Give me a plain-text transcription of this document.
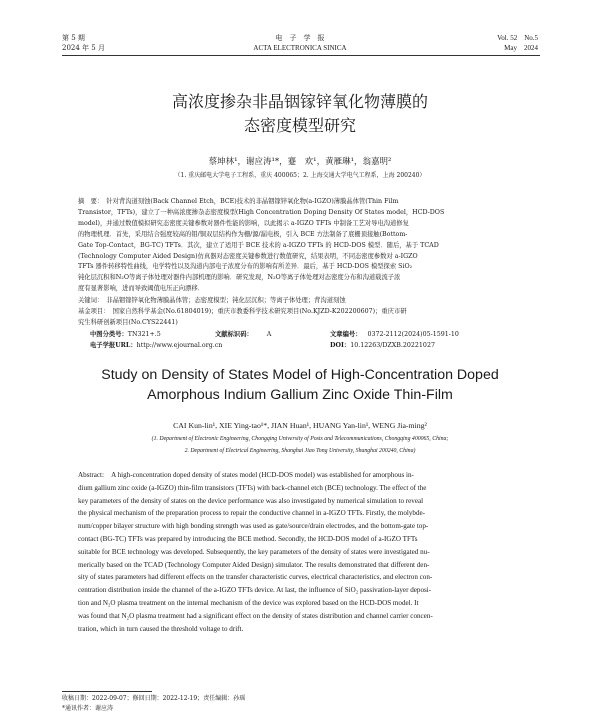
第 5 期
2024 年 5 月
电　子　学　报
ACTA ELECTRONICA SINICA
Vol. 52　No.5
May　2024
高浓度掺杂非晶铟镓锌氧化物薄膜的
态密度模型研究
蔡坤林¹，谢应涛¹*，蹇　欢¹，黄雁琳¹，翁嘉明²
（1. 重庆邮电大学电子工程系，重庆 400065；2. 上海交通大学电气工程系，上海 200240）
摘　要：　针对背沟道刻蚀(Back Channel Etch，BCE)技术的非晶铟镓锌氧化物(a-IGZO)薄膜晶体管(Thin Film
Transistor，TFTs)，建立了一种高浓度掺杂态密度模型(High Concentration Doping Density Of States model，HCD-DOS
model)，并通过数值模拟研究态密度关键参数对器件性能的影响，以此揭示 a-IGZO TFTs 中制备工艺对导电沟道修复
的物理机理．首先，采用结合强度较高的钼/铜双层结构作为栅/源/漏电极，引入 BCE 方法制备了底栅顶接触(Bottom-
Gate Top-Contact，BG-TC) TFTs．其次，建立了适用于 BCE 技术的 a-IGZO TFTs 的 HCD-DOS 模型．随后，基于 TCAD
(Technology Computer Aided Design)仿真器对态密度关键参数进行数值研究，结果表明，不同态密度参数对 a-IGZO
TFTs 器件转移特性曲线，电学特性以及沟道内部电子浓度分布的影响有所差异．最后，基于 HCD-DOS 模型探索 SiO₂
钝化层沉积和N₂O等离子体处理对器件内部机理的影响．研究发现，N₂O等离子体处理对态密度分布和沟道载流子浓
度有显著影响，进而导致阈值电压正向漂移．
关键词：　非晶铟镓锌氧化物薄膜晶体管；态密度模型；钝化层沉积；等离子体处理；背沟道刻蚀
基金项目：　国家自然科学基金(No.61804019)；重庆市教委科学技术研究项目(No.KJZD-K202200607)；重庆市研
究生科研创新项目(No.CYS22441)
中图分类号：TN321+.5	文献标识码： A	文章编号： 0372-2112(2024)05-1591-10
电子学报URL：http://www.ejournal.org.cn	DOI：10.12263/DZXB.20221027
Study on Density of States Model of High-Concentration Doped
Amorphous Indium Gallium Zinc Oxide Thin-Film
CAI Kun-lin¹, XIE Ying-tao¹*, JIAN Huan¹, HUANG Yan-lin¹, WENG Jia-ming²
(1. Department of Electronic Engineering, Chongqing University of Posts and Telecommunications, Chongqing 400065, China;
2. Department of Electrical Engineering, Shanghai Jiao Tong University, Shanghai 200240, China)
Abstract:　A high-concentration doped density of states model (HCD-DOS model) was established for amorphous in-
dium gallium zinc oxide (a-IGZO) thin-film transistors (TFTs) with back-channel etch (BCE) technology. The effect of the
key parameters of the density of states on the device performance was also investigated by numerical simulation to reveal
the physical mechanism of the preparation process to repair the conductive channel in a-IGZO TFTs. Firstly, the molybde-
num/copper bilayer structure with high bonding strength was used as gate/source/drain electrodes, and the bottom-gate top-
contact (BG-TC) TFTs was prepared by introducing the BCE method. Secondly, the HCD-DOS model of a-IGZO TFTs
suitable for BCE technology was developed. Subsequently, the key parameters of the density of states were investigated nu-
merically based on the TCAD (Technology Computer Aided Design) simulator. The results demonstrated that different den-
sity of states parameters had different effects on the transfer characteristic curves, electrical characteristics, and electron con-
centration distribution inside the channel of the a-IGZO TFTs device. At last, the influence of SiO₂ passivation-layer deposi-
tion and N₂O plasma treatment on the internal mechanism of the device was explored based on the HCD-DOS model. It
was found that N₂O plasma treatment had a significant effect on the density of states distribution and channel carrier concen-
tration, which in turn caused the threshold voltage to drift.
收稿日期：2022-09-07；修回日期：2022-12-19；责任编辑：孙瑶
*通讯作者：谢应涛
